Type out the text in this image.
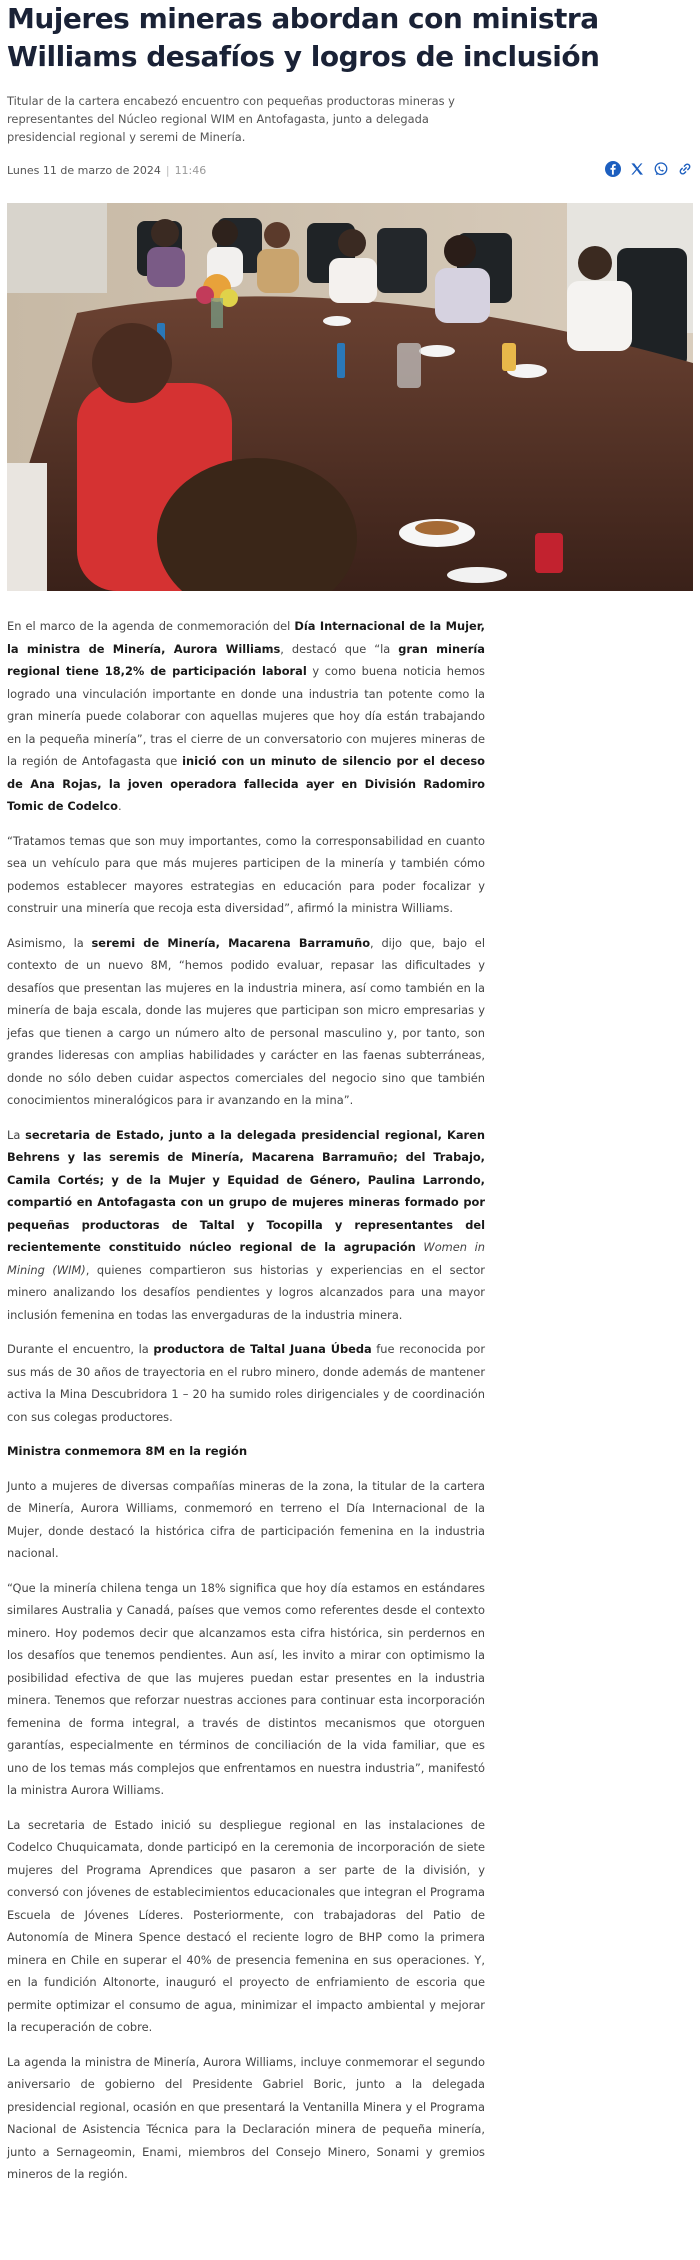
Mujeres mineras abordan con ministra Williams desafíos y logros de inclusión

Titular de la cartera encabezó encuentro con pequeñas productoras mineras y representantes del Núcleo regional WIM en Antofagasta, junto a delegada presidencial regional y seremi de Minería.

Lunes 11 de marzo de 2024 | 11:46

En el marco de la agenda de conmemoración del Día Internacional de la Mujer, la ministra de Minería, Aurora Williams, destacó que “la gran minería regional tiene 18,2% de participación laboral y como buena noticia hemos logrado una vinculación importante en donde una industria tan potente como la gran minería puede colaborar con aquellas mujeres que hoy día están trabajando en la pequeña minería”, tras el cierre de un conversatorio con mujeres mineras de la región de Antofagasta que inició con un minuto de silencio por el deceso de Ana Rojas, la joven operadora fallecida ayer en División Radomiro Tomic de Codelco.

“Tratamos temas que son muy importantes, como la corresponsabilidad en cuanto sea un vehículo para que más mujeres participen de la minería y también cómo podemos establecer mayores estrategias en educación para poder focalizar y construir una minería que recoja esta diversidad”, afirmó la ministra Williams.

Asimismo, la seremi de Minería, Macarena Barramuño, dijo que, bajo el contexto de un nuevo 8M, “hemos podido evaluar, repasar las dificultades y desafíos que presentan las mujeres en la industria minera, así como también en la minería de baja escala, donde las mujeres que participan son micro empresarias y jefas que tienen a cargo un número alto de personal masculino y, por tanto, son grandes lideresas con amplias habilidades y carácter en las faenas subterráneas, donde no sólo deben cuidar aspectos comerciales del negocio sino que también conocimientos mineralógicos para ir avanzando en la mina”.

La secretaria de Estado, junto a la delegada presidencial regional, Karen Behrens y las seremis de Minería, Macarena Barramuño; del Trabajo, Camila Cortés; y de la Mujer y Equidad de Género, Paulina Larrondo, compartió en Antofagasta con un grupo de mujeres mineras formado por pequeñas productoras de Taltal y Tocopilla y representantes del recientemente constituido núcleo regional de la agrupación Women in Mining (WIM), quienes compartieron sus historias y experiencias en el sector minero analizando los desafíos pendientes y logros alcanzados para una mayor inclusión femenina en todas las envergaduras de la industria minera.

Durante el encuentro, la productora de Taltal Juana Úbeda fue reconocida por sus más de 30 años de trayectoria en el rubro minero, donde además de mantener activa la Mina Descubridora 1 – 20 ha sumido roles dirigenciales y de coordinación con sus colegas productores.

Ministra conmemora 8M en la región

Junto a mujeres de diversas compañías mineras de la zona, la titular de la cartera de Minería, Aurora Williams, conmemoró en terreno el Día Internacional de la Mujer, donde destacó la histórica cifra de participación femenina en la industria nacional.

“Que la minería chilena tenga un 18% significa que hoy día estamos en estándares similares Australia y Canadá, países que vemos como referentes desde el contexto minero. Hoy podemos decir que alcanzamos esta cifra histórica, sin perdernos en los desafíos que tenemos pendientes. Aun así, les invito a mirar con optimismo la posibilidad efectiva de que las mujeres puedan estar presentes en la industria minera. Tenemos que reforzar nuestras acciones para continuar esta incorporación femenina de forma integral, a través de distintos mecanismos que otorguen garantías, especialmente en términos de conciliación de la vida familiar, que es uno de los temas más complejos que enfrentamos en nuestra industria”, manifestó la ministra Aurora Williams.

La secretaria de Estado inició su despliegue regional en las instalaciones de Codelco Chuquicamata, donde participó en la ceremonia de incorporación de siete mujeres del Programa Aprendices que pasaron a ser parte de la división, y conversó con jóvenes de establecimientos educacionales que integran el Programa Escuela de Jóvenes Líderes. Posteriormente, con trabajadoras del Patio de Autonomía de Minera Spence destacó el reciente logro de BHP como la primera minera en Chile en superar el 40% de presencia femenina en sus operaciones. Y, en la fundición Altonorte, inauguró el proyecto de enfriamiento de escoria que permite optimizar el consumo de agua, minimizar el impacto ambiental y mejorar la recuperación de cobre.

La agenda la ministra de Minería, Aurora Williams, incluye conmemorar el segundo aniversario de gobierno del Presidente Gabriel Boric, junto a la delegada presidencial regional, ocasión en que presentará la Ventanilla Minera y el Programa Nacional de Asistencia Técnica para la Declaración minera de pequeña minería, junto a Sernageomin, Enami, miembros del Consejo Minero, Sonami y gremios mineros de la región.
